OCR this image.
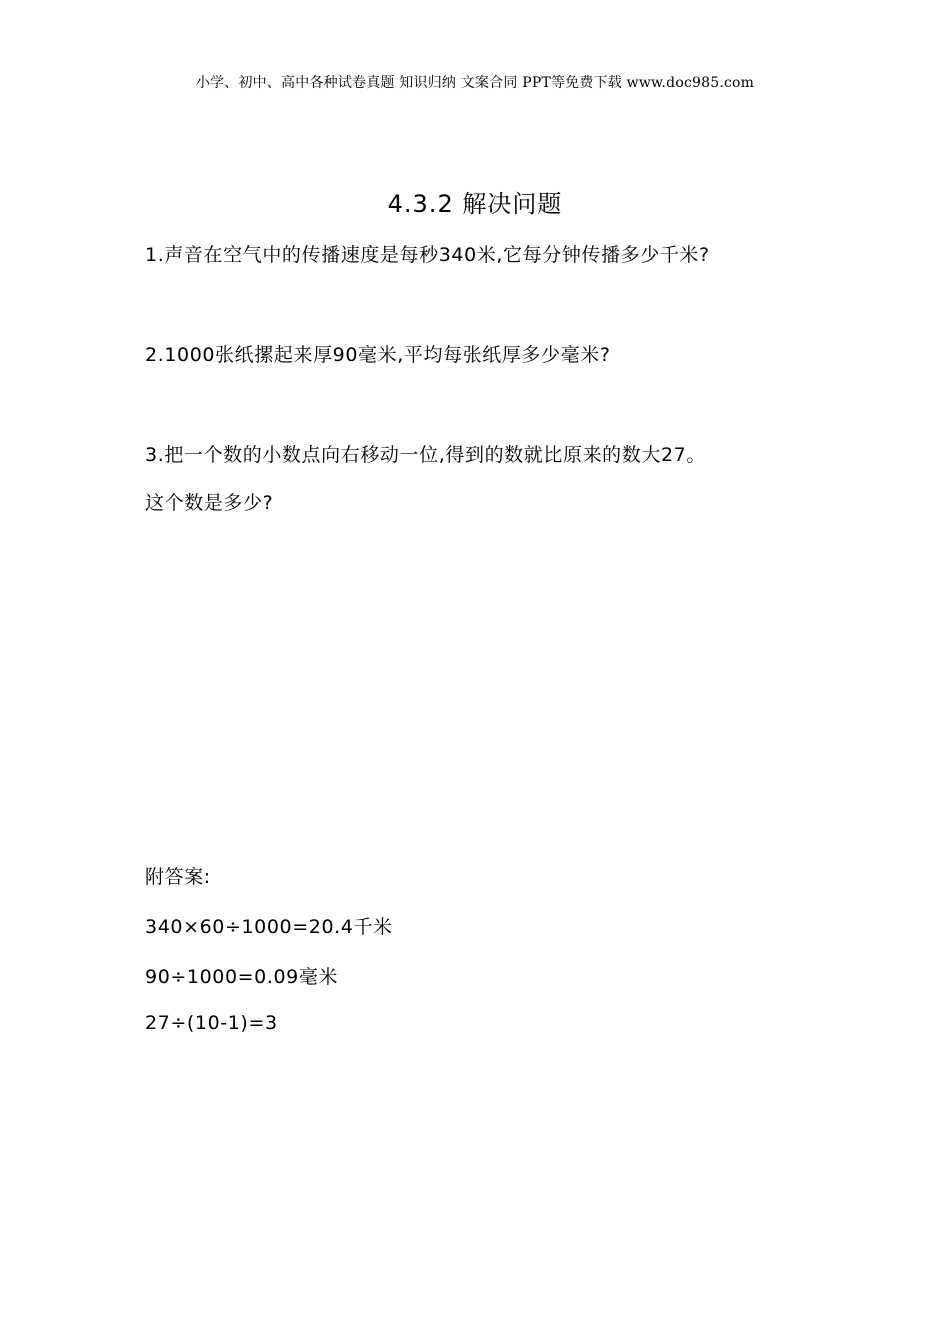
小学、初中、高中各种试卷真题 知识归纳 文案合同 PPT等免费下载 www.doc985.com
4.3.2 解决问题
1.声音在空气中的传播速度是每秒340米,它每分钟传播多少千米?
2.1000张纸摞起来厚90毫米,平均每张纸厚多少毫米?
3.把一个数的小数点向右移动一位,得到的数就比原来的数大27。
这个数是多少?
附答案:
340×60÷1000=20.4千米
90÷1000=0.09毫米
27÷(10-1)=3
